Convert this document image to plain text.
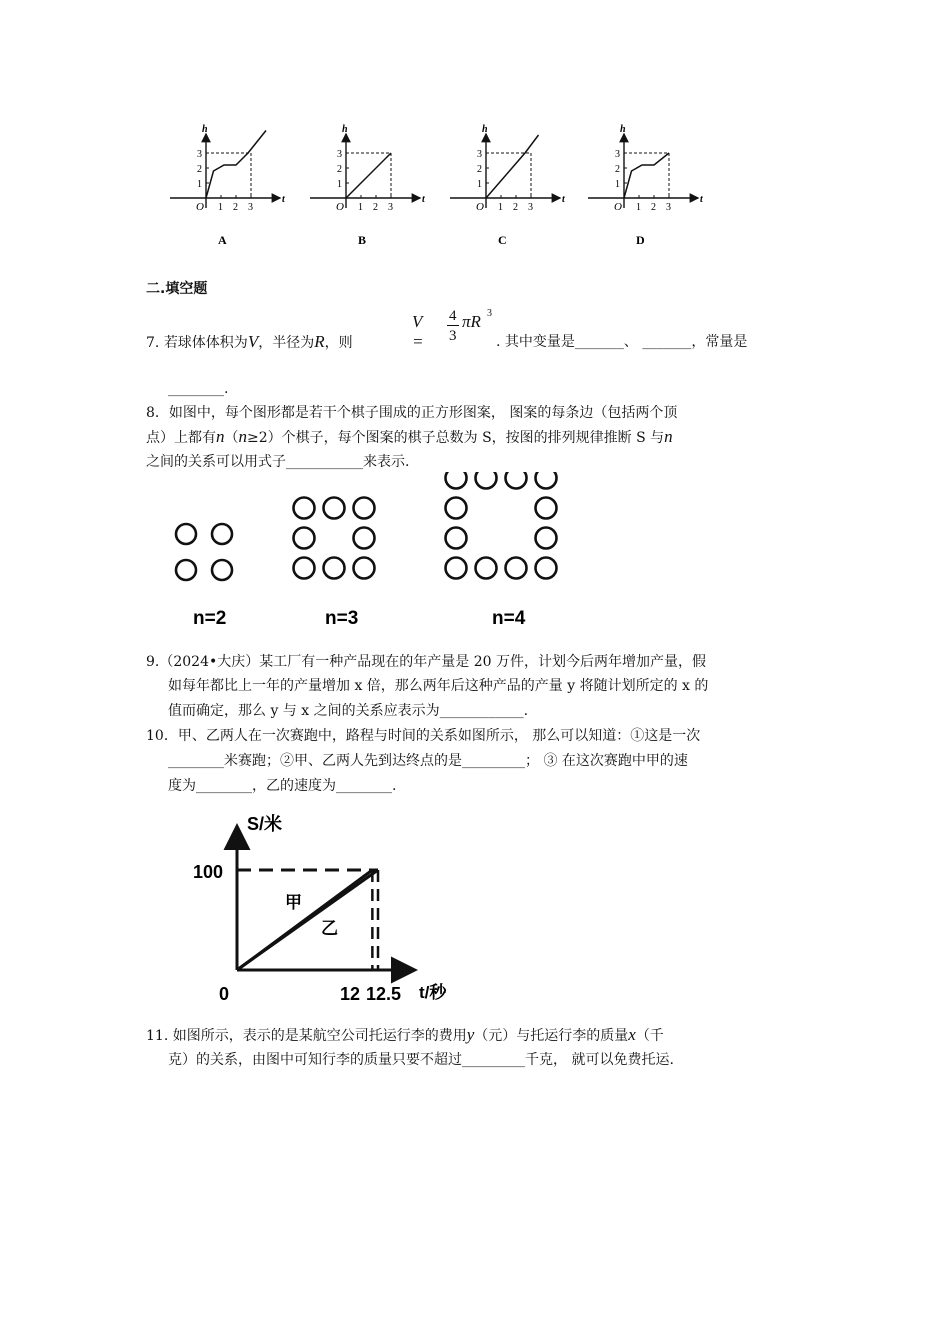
1
1
2
2
3
3
O
h
t
A
1
1
2
2
3
3
O
h
t
B
1
1
2
2
3
3
O
h
t
C
1
1
2
2
3
3
O
h
t
D
二.填空题
7. 若球体体积为V，半径为R，则
V =
4
3
πR 3
. 其中变量是_______、 _______，常量是
________.
8．如图中，每个图形都是若干个棋子围成的正方形图案， 图案的每条边（包括两个顶
点）上都有n（n≥2）个棋子，每个图案的棋子总数为 S，按图的排列规律推断 S 与n
之间的关系可以用式子___________来表示.
n=2	n=3	n=4
9.（2024•大庆）某工厂有一种产品现在的年产量是 20 万件，计划今后两年增加产量，假
如每年都比上一年的产量增加 x 倍，那么两年后这种产品的产量 y 将随计划所定的 x 的
值而确定，那么 y 与 x 之间的关系应表示为____________.
10．甲、乙两人在一次赛跑中，路程与时间的关系如图所示， 那么可以知道：①这是一次
________米赛跑；②甲、乙两人先到达终点的是_________； ③ 在这次赛跑中甲的速
度为________，乙的速度为________.
S/米
t/秒
0
100
12 12.5
甲
乙
11. 如图所示，表示的是某航空公司托运行李的费用y（元）与托运行李的质量x（千
克）的关系，由图中可知行李的质量只要不超过_________千克， 就可以免费托运.
